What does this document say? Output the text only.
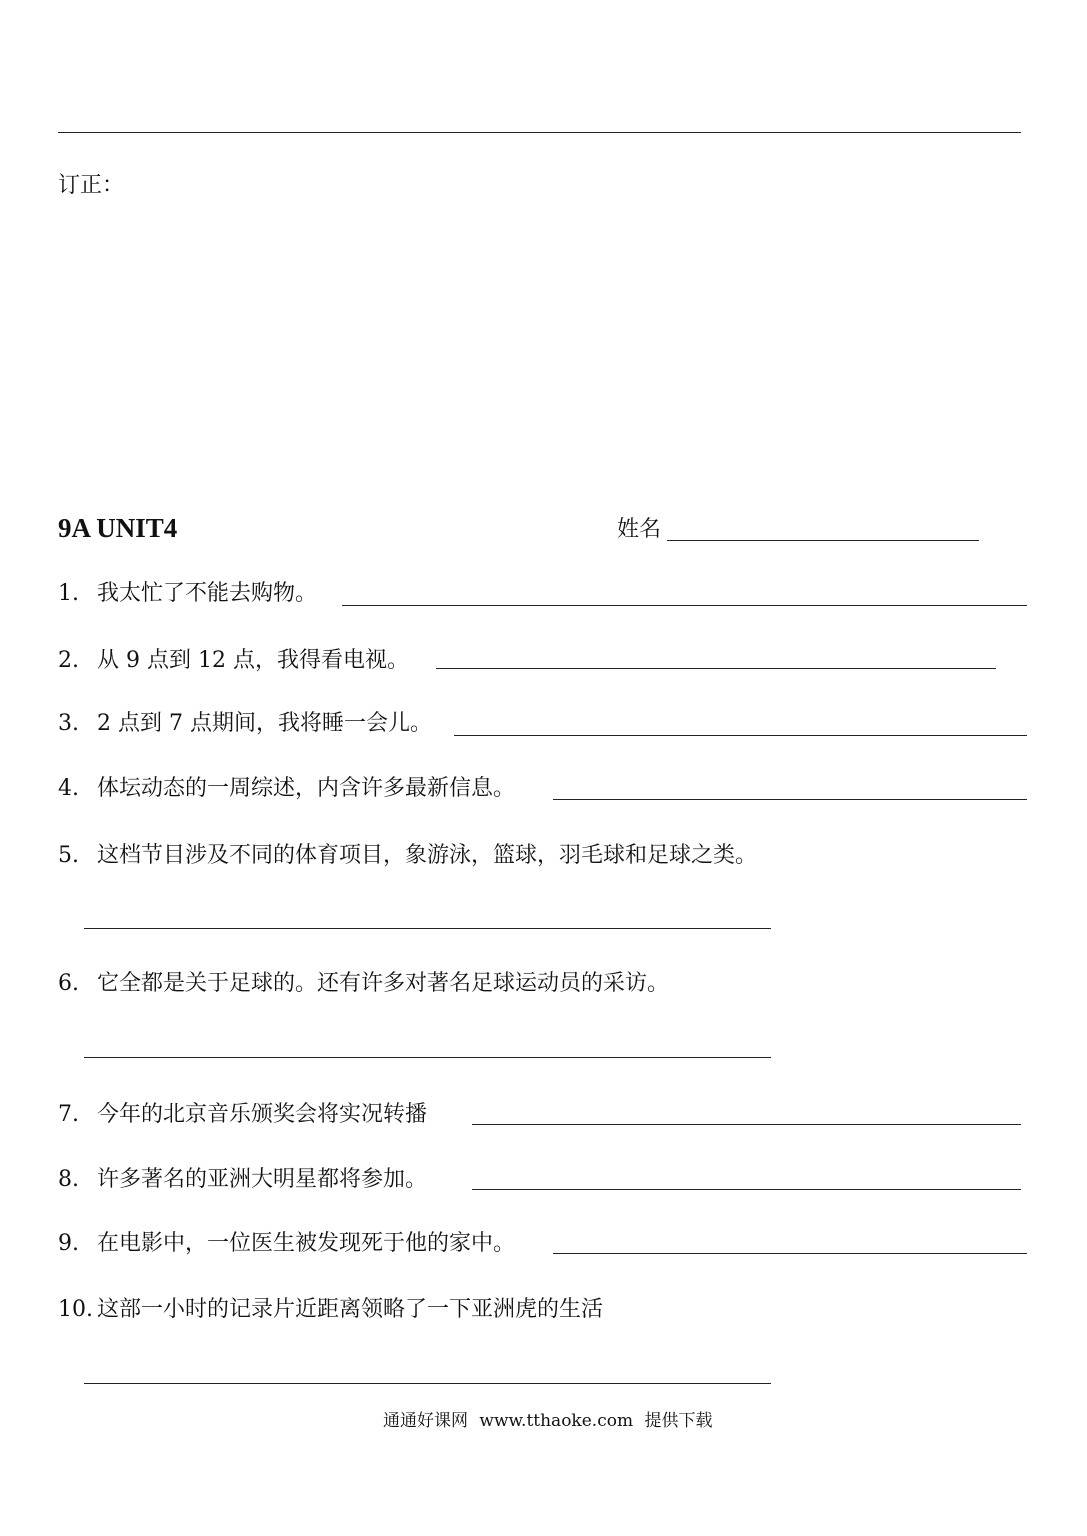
订正：
9A UNIT4	姓名
1. 我太忙了不能去购物。
2. 从 9 点到 12 点，我得看电视。
3. 2 点到 7 点期间，我将睡一会儿。
4. 体坛动态的一周综述，内含许多最新信息。
5. 这档节目涉及不同的体育项目，象游泳，篮球，羽毛球和足球之类。
6. 它全都是关于足球的。还有许多对著名足球运动员的采访。
7. 今年的北京音乐颁奖会将实况转播
8. 许多著名的亚洲大明星都将参加。
9. 在电影中，一位医生被发现死于他的家中。
10. 这部一小时的记录片近距离领略了一下亚洲虎的生活
通通好课网 www.tthaoke.com 提供下载
